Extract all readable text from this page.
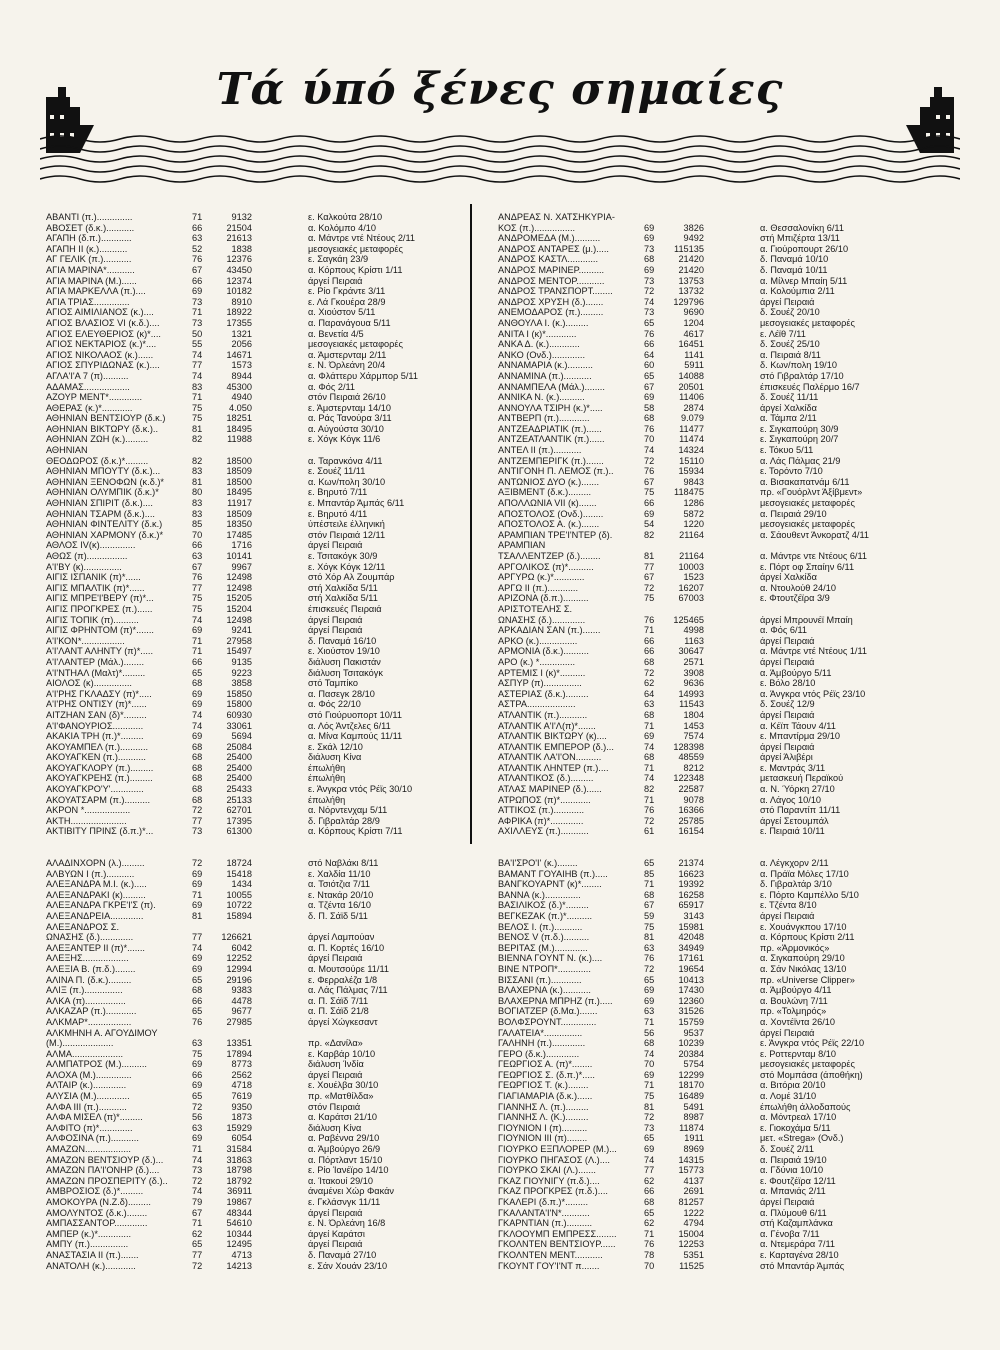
Τά ύπό ξένες σημαίες
ΑΒΑΝΤΙ (π.)..............	71	9132	ε. Καλκούτα 28/10
ΑΒΟΣΕΤ (δ.κ.)...........	66	21504	α. Κολόμπο 4/10
ΑΓΑΠΗ (δ.π.)............	63	21613	α. Μάντρε ντέ Ντέους 2/11
ΑΓΑΠΗ ΙΙ (κ.)...........	52	1838	μεσογειακές μεταφορές
ΑΓ ΓΕΛΙΚ (π.)...........	76	12376	ε. Σαγκάη 23/9
ΑΓΙΑ ΜΑΡΙΝΑ*...........	67	43450	α. Κόρπους Κρίστι 1/11
ΑΓΙΑ ΜΑΡΙΝΑ (Μ.)......	66	12374	άργεί Πειραιά
ΑΓΙΑ ΜΑΡΚΕΛΛΑ (π.)....	69	10182	ε. Ρίο Γκράντε 3/11
ΑΓΙΑ ΤΡΙΑΣ..............	73	8910	ε. Λά Γκουέρα 28/9
ΑΓΙΟΣ ΑΙΜΙΛΙΑΝΟΣ (κ.)....	71	18922	α. Χιούστον 5/11
ΑΓΙΟΣ ΒΛΑΣΙΟΣ VI (κ.δ.)....	73	17355	α. Παρανάγουα 5/11
ΑΓΙΟΣ ΕΛΕΥΘΕΡΙΟΣ (κ)*....	50	1321	α. Βενετία 4/5
ΑΓΙΟΣ ΝΕΚΤΑΡΙΟΣ (κ.)*....	55	2056	μεσογειακές μεταφορές
ΑΓΙΟΣ ΝΙΚΟΛΑΟΣ (κ.)......	74	14671	α. Άμστερνταμ 2/11
ΑΓΙΟΣ ΣΠΥΡΙΔΩΝΑΣ (κ.)....	77	1573	ε. Ν. Όρλεάνη 20/4
ΑΓΛΑ'Ι'Α 7 (π)..........	74	8944	α. Φλάττερυ Χάρμπορ 5/11
ΑΔΑΜΑΣ..................	83	45300	α. Φός 2/11
ΑΖΟΥΡ ΜΕΝΤ*.............	71	4940	στόν Πειραιά 26/10
ΑΘΕΡΑΣ (κ.)*............	75	4.050	ε. Άμστερνταμ 14/10
ΑΘΗΝΙΑΝ ΒΕΝΤΣΙΟΥΡ (δ.κ.)	75	18251	α. Ράς Τανούρα 3/11
ΑΘΗΝΙΑΝ ΒΙΚΤΩΡΥ (δ.κ.)..	81	18495	α. Αύγούστα 30/10
ΑΘΗΝΙΑΝ ΖΩΗ (κ.).........	82	11988	ε. Χόγκ Κόγκ 11/6
ΑΘΗΝΙΑΝ
ΘΕΟΔΩΡΟΣ (δ.κ.)*.........	82	18500	α. Ταρανκόνα 4/11
ΑΘΗΝΙΑΝ ΜΠΟΥΤΥ (δ.κ.)...	83	18509	ε. Σουέζ 11/11
ΑΘΗΝΙΑΝ ΞΕΝΟΦΩΝ (κ.δ.)*	81	18500	α. Κων/πολη 30/10
ΑΘΗΝΙΑΝ ΟΛΥΜΠΙΚ (δ.κ.)*	80	18495	ε. Βηρυτό 7/11
ΑΘΗΝΙΑΝ ΣΠΙΡΙΤ (δ.κ.)....	83	11917	ε. Μπαντάρ Άμπάς 6/11
ΑΘΗΝΙΑΝ ΤΣΑΡΜ (δ.κ.)....	83	18509	ε. Βηρυτό 4/11
ΑΘΗΝΙΑΝ ΦΙΝΤΕΛΙΤΥ (δ.κ.)	85	18350	ύπέστειλε έλληνική
ΑΘΗΝΙΑΝ ΧΑΡΜΟΝΥ (δ.κ.)*	70	17485	στόν Πειραιά 12/11
ΑΘΛΟΣ IV(κ)..............	66	1716	άργεί Πειραιά
ΑΘΩΣ (π)................	63	10141	ε. Τσιτακόγκ 30/9
Α'Ι'ΒΥ (κ)...............	67	9967	ε. Χόγκ Κόγκ 12/11
ΑΙΓΙΣ ΙΣΠΑΝΙΚ (π)*......	76	12498	στό Χόρ Αλ Ζουμπάρ
ΑΙΓΙΣ ΜΠΑΛΤΙΚ (π)*......	77	12498	στή Χαλκίδα 5/11
ΑΙΓΙΣ ΜΠΡΕ'Ι'ΒΕΡΥ (π)*...	75	15205	στή Χαλκίδα 5/11
ΑΙΓΙΣ ΠΡΟΓΚΡΕΣ (π.)......	75	15204	έπισκευές Πειραιά
ΑΙΓΙΣ ΤΟΠΙΚ (π)..........	74	12498	άργεί Πειραιά
ΑΙΓΙΣ ΦΡΗΝΤΟΜ (π)*.......	69	9241	άργεί Πειραιά
Α'Ι'ΚΟΝ*.................	71	27958	δ. Παναμά 16/10
Α'Ι'ΛΑΝΤ ΑΛΗΝΤΥ (π)*.....	71	15497	ε. Χιούστον 19/10
Α'Ι'ΛΑΝΤΕΡ (Μάλ.)........	66	9135	διάλυση Πακιστάν
Α'Ι'ΝΤΗΑΛ (Μαλτ)*.........	65	9223	διάλυση Τσιτακόγκ
ΑΙΟΛΟΣ (κ)...............	68	3858	στό Ταμπίκο
Α'Ι'ΡΗΣ ΓΚΛΑΔΣΥ (π)*.....	69	15850	α. Πασεγκ 28/10
Α'Ι'ΡΗΣ ΟΝΤΙΣΥ (π)*......	69	15800	α. Φός 22/10
ΑΙΤΖΗΑΝ ΣΑΝ (δ)*.........	74	60930	στό Γιούρυοπορτ 10/11
Α'Ι'ΦΑΝΟΥΡΙΟΣ............	74	33061	α. Λός Άντζελες 6/11
ΑΚΑΚΙΑ ΤΡΗ (π.)*.........	69	5694	α. Μίνα Καμπούς 11/11
ΑΚΟΥΑΜΠΕΛ (π.)...........	68	25084	ε. Σκάλ 12/10
ΑΚΟΥΑΓΚΕΝ (π.)...........	68	25400	διάλυση Κίνα
ΑΚΟΥΑΓΚΛΟΡΥ (π.).........	68	25400	έπωλήθη
ΑΚΟΥΑΓΚΡΕΗΣ (π.).........	68	25400	έπωλήθη
ΑΚΟΥΑΓΚΡΟ'Υ'.............	68	25433	ε. Άνγκρα ντός Ρέϊς 30/10
ΑΚΟΥΑΤΣΑΡΜ (π.)..........	68	25133	έπωλήθη
ΑΚΡΟΝ *..................	72	62701	α. Νόρντενχαμ 5/11
ΑΚΤΗ......................	77	17395	δ. Γιβραλτάρ 28/9
ΑΚΤΙΒΙΤΥ ΠΡΙΝΣ (δ.π.)*...	73	61300	α. Κόρπους Κρίστι 7/11
ΑΝΔΡΕΑΣ Ν. ΧΑΤΣΗΚΥΡΙΑ-
ΚΟΣ (π.)................	69	3826	α. Θεσσαλονίκη 6/11
ΑΝΔΡΟΜΕΔΑ (Μ.)..........	69	9492	στή Μπιζέρτα 13/11
ΑΝΔΡΟΣ ΑΝΤΑΡΕΣ (μ.).....	73	115135	α. Γιούροπουρτ 26/10
ΑΝΔΡΟΣ ΚΑΣΤΛ............	68	21420	δ. Παναμά 10/10
ΑΝΔΡΟΣ ΜΑΡΙΝΕΡ..........	69	21420	δ. Παναμά 10/11
ΑΝΔΡΟΣ ΜΕΝΤΟΡ...........	73	13753	α. Μίλνερ Μπαίη 5/11
ΑΝΔΡΟΣ ΤΡΑΝΣΠΟΡΤ........	72	13732	α. Κολούμπια 2/11
ΑΝΔΡΟΣ ΧΡΥΣΗ (δ.).......	74	129796	άργεί Πειραιά
ΑΝΕΜΟΔΑΡΟΣ (π.).........	73	9690	δ. Σουέζ 20/10
ΑΝΘΟΥΛΑ Ι. (κ.).........	65	1204	μεσογειακές μεταφορές
ΑΝΙΤΑ Ι (κ)*............	76	4617	ε. Λέϊθ 7/11
ΑΝΚΑ Δ. (κ.)............	66	16451	δ. Σουέζ 25/10
ΑΝΚΟ (Ονδ.).............	64	1141	α. Πειραιά 8/11
ΑΝΝΑΜΑΡΙΑ (κ.)..........	60	5911	δ. Κων/πολη 19/10
ΑΝΝΑΜΙΝΑ (π.)...........	65	14088	στό Γιβραλτάρ 17/10
ΑΝΝΑΜΠΕΛΑ (Μάλ.)........	67	20501	έπισκευές Παλέρμο 16/7
ΑΝΝΙΚΑ Ν. (κ.)..........	69	11406	δ. Σουέζ 11/11
ΑΝΝΟΥΛΑ ΤΣΙΡΗ (κ.)*.....	58	2874	άργεί Χαλκίδα
ΑΝΤΒΕΡΠ (π.)............	68	9.079	α. Τάμπα 2/11
ΑΝΤΖΕΑΔΡΙΑΤΙΚ (π.)......	76	11477	ε. Σιγκαπούρη 30/9
ΑΝΤΖΕΑΤΛΑΝΤΙΚ (π.)......	70	11474	ε. Σιγκαπούρη 20/7
ΑΝΤΕΛ ΙΙ (π.)...........	74	14324	ε. Τόκυο 5/11
ΑΝΤΖΕΜΠΕΡΙΓΚ (π.).......	72	15110	α. Λάς Πάλμας 21/9
ΑΝΤΙΓΟΝΗ Π. ΛΕΜΟΣ (π.)..	76	15934	ε. Τορόντο 7/10
ΑΝΤΩΝΙΟΣ ΔΥΟ (κ.).......	67	9843	α. Βισακαπατνάμ 6/11
ΑΞΙΒΜΕΝΤ (δ.κ.).........	75	118475	πρ. «Γουόρλντ Άξίβμεντ»
ΑΠΟΛΛΩΝΙΑ VII (κ).......	66	1286	μεσογειακές μεταφορές
ΑΠΟΣΤΟΛΟΣ (Ονδ.)........	69	5872	α. Πειραιά 29/10
ΑΠΟΣΤΟΛΟΣ Α. (κ.).......	54	1220	μεσογειακές μεταφορές
ΑΡΑΜΠΙΑΝ ΤΡΕ'Ι'ΝΤΕΡ (δ).	82	21164	α. Σάουθεντ Άνκορατζ 4/11
ΑΡΑΜΠΙΑΝ
ΤΣΑΛΛΕΝΤΖΕΡ (δ.)........	81	21164	α. Μάντρε ντε Ντέους 6/11
ΑΡΓΟΛΙΚΟΣ (π)*..........	77	10003	ε. Πόρτ οφ Σπαίην 6/11
ΑΡΓΥΡΩ (κ.)*............	67	1523	άργεί Χαλκίδα
ΑΡΓΩ ΙΙ (π.)............	72	16207	α. Ντουλούθ 24/10
ΑΡΙΖΟΝΑ (δ.π.)..........	75	67003	ε. Φτουτζέϊρα 3/9
ΑΡΙΣΤΟΤΕΛΗΣ Σ.
ΩΝΑΣΗΣ (δ.).............	76	125465	άργεί Μπρουνέϊ Μπαίη
ΑΡΚΑΔΙΑΝ ΣΑΝ (π.).......	71	4998	α. Φός 6/11
ΑΡΚΟ (κ.)...............	66	1163	άργεί Πειραιά
ΑΡΜΟΝΙΑ (δ.κ.)..........	66	30647	α. Μάντρε ντέ Ντέους 1/11
ΑΡΟ (κ.) *..............	68	2571	άργεί Πειραιά
ΑΡΤΕΜΙΣ Ι (κ)*..........	72	3908	α. Άμβούργο 5/11
ΑΣΠΥΡ (π)...............	62	9636	ε. Βόλο 28/10
ΑΣΤΕΡΙΑΣ (δ.κ.).........	64	14993	α. Άνγκρα ντός Ρέϊς 23/10
ΑΣΤΡΑ...................	63	11543	δ. Σουέζ 12/9
ΑΤΛΑΝΤΙΚ (π.)...........	68	1804	άργεί Πειραιά
ΑΤΛΑΝΤΙΚ Α'Ι'Λ(π)*.......	71	1453	α. Κέϊπ Τάουν 4/11
ΑΤΛΑΝΤΙΚ ΒΙΚΤΩΡΥ (κ)....	69	7574	ε. Μπαντίρμα 29/10
ΑΤΛΑΝΤΙΚ ΕΜΠΕΡΟΡ (δ.)...	74	128398	άργεί Πειραιά
ΑΤΛΑΝΤΙΚ ΛΑ'Ι'ΟΝ..........	68	48559	άργεί Άλιβέρι
ΑΤΛΑΝΤΙΚ ΛΗΝΤΕΡ (π.)....	71	8212	ε. Μαντράς 3/11
ΑΤΛΑΝΤΙΚΟΣ (δ.).........	74	122348	μετασκευή Περαϊκού
ΑΤΛΑΣ ΜΑΡΙΝΕΡ (δ.)......	82	22587	α. Ν. Ύόρκη 27/10
ΑΤΡΩΠΟΣ (π)*............	71	9078	α. Λάγος 10/10
ΑΤΤΙΚΟΣ (π.)............	76	16366	στό Παραντίπ 11/11
ΑΦΡΙΚΑ (π)*.............	72	25785	άργεί Σετουμπάλ
ΑΧΙΛΛΕΥΣ (π.)...........	61	16154	ε. Πειραιά 10/11
ΑΛΑΔΙΝΧΟΡΝ (λ.).........	72	18724	στό Ναβλάκι 8/11
ΑΛΒΥΩΝ Ι (π.)...........	69	15418	ε. Χαλδία 11/10
ΑΛΕΞΑΝΔΡΑ Μ.Ι. (κ.).....	69	1434	α. Τσιότζια 7/11
ΑΛΕΞΑΝΔΡΑΚΙ (κ).........	71	10055	ε. Ντακάρ 20/10
ΑΛΕΞΑΝΔΡΑ ΓΚΡΕ'Ι'Σ (π).	69	10722	α. Τζέντα 16/10
ΑΛΕΞΑΝΔΡΕΙΑ.............	81	15894	δ. Π. Σάϊδ 5/11
ΑΛΕΞΑΝΔΡΟΣ Σ.
ΩΝΑΣΗΣ (δ.).............	77	126621	άργεί Λαμπούαν
ΑΛΕΞΑΝΤΕΡ ΙΙ (π)*.......	74	6042	α. Π. Κορτές 16/10
ΑΛΕΞΗΣ..................	69	12252	άργεί Πειραιά
ΑΛΕΞΙΑ Β. (π.δ.)........	69	12994	α. Μουτσούρε 11/11
ΑΛΙΝΑ Π. (δ.κ.).........	65	29196	ε. Φερραλέζα 1/8
ΑΛΙΞ (π.)...............	68	9383	α. Λάς Πάλμας 7/11
ΑΛΚΑ (π)................	66	4478	α. Π. Σάϊδ 7/11
ΑΛΚΑΖΑΡ (π.)............	65	9677	α. Π. Σάϊδ 21/8
ΑΛΚΜΑΡ*.................	76	27985	άργεί Χώγκεσαντ
ΑΛΚΜΗΝΗ Α. ΑΓΟΥΔΙΜΟΥ
(Μ.)....................	63	13351	πρ. «Δανίλα»
ΑΛΜΑ....................	75	17894	ε. Καρβάρ 10/10
ΑΛΜΠΑΤΡΟΣ (Μ.)..........	69	8773	διάλυση Ίνδία
ΑΛΟΧΑ (Μ.)..............	66	2562	άργεί Πειραιά
ΑΛΤΑΙΡ (κ.).............	69	4718	ε. Χουέλβα 30/10
ΑΛΥΣΙΑ (Μ.).............	65	7619	πρ. «Ματθίλδα»
ΑΛΦΑ ΙΙΙ (π.)...........	72	9350	στόν Πειραιά
ΑΛΦΑ ΜΙΣΕΛ (π)*.........	56	1873	α. Καράτσι 21/10
ΑΛΦΙΤΟ (π)*.............	63	15929	διάλυση Κίνα
ΑΛΦΟΣΙΝΑ (π.)...........	69	6054	α. Ραβέννα 29/10
ΑΜΑΖΩΝ..................	71	31584	α. Άμβούργο 26/9
ΑΜΑΖΩΝ ΒΕΝΤΣΙΟΥΡ (δ.)...	74	31863	α. Πόρτλαντ 15/10
ΑΜΑΖΩΝ ΠΑ'Ι'ΟΝΗΡ (δ.)....	73	18798	ε. Ρίο Ίανέϊρο 14/10
ΑΜΑΖΩΝ ΠΡΟΣΠΕΡΙΤΥ (δ.)..	72	18792	α. Ίτακουί 29/10
ΑΜΒΡΟΣΙΟΣ (δ.)*.........	74	36911	άναμένει Χώρ Φακάν
ΑΜΟΚΟΥΡΑ (Ν.Ζ.δ).........	79	19867	ε. Γκλάσνγκ 11/11
ΑΜΟΛΥΝΤΟΣ (δ.κ.)........	67	48344	άργεί Πειραιά
ΑΜΠΑΣΣΑΝΤΟΡ.............	71	54610	ε. Ν. Όρλεάνη 16/8
ΑΜΠΕΡ (κ.)*.............	62	10344	άργεί Καράτσι
ΑΜΠΥ (π.)...............	65	12495	άργεί Πειραιά
ΑΝΑΣΤΑΣΙΑ ΙΙ (π.).......	77	4713	δ. Παναμά 27/10
ΑΝΑΤΟΛΗ (κ.)............	72	14213	ε. Σάν Χουάν 23/10
ΒΑ'Ι'ΣΡΟ'Ι' (κ.)........	65	21374	α. Λέγκχορν 2/11
ΒΑΜΑΝΤ ΓΟΥΑΙΗΒ (π.).....	85	16623	α. Πράϊα Μόλες 17/10
ΒΑΝΓΚΟΥΑΡΝΤ (κ)*........	71	19392	δ. Γιβραλτάρ 3/10
ΒΑΝΝΑ (κ.)..............	68	16258	ε. Πόρτο Καμπέλλο 5/10
ΒΑΣΙΛΙΚΟΣ (δ.)*.........	67	65917	ε. Τζέντα 8/10
ΒΕΓΚΕΖΑΚ (π.)*..........	59	3143	άργεί Πειραιά
ΒΕΛΟΣ Ι. (π.)...........	75	15981	ε. Χουάνγκπου 17/10
ΒΕΝΟΣ V (π.δ.)..........	81	42048	α. Κόρπους Κρίστι 2/11
ΒΕΡΙΤΑΣ (Μ.).............	63	34949	πρ. «Άρμονικός»
ΒΙΕΝΝΑ ΓΟΥΝΤ Ν. (κ.)....	76	17161	α. Σιγκαπούρη 29/10
ΒΙΝΕ ΝΤΡΟΠ*.............	72	19654	α. Σάν Νικόλας 13/10
ΒΙΣΣΑΝΙ (π.)............	65	10413	πρ. «Universe Clipper»
ΒΛΑΧΕΡΝΑ (κ.)...........	69	17430	α. Άμβούργο 4/11
ΒΛΑΧΕΡΝΑ ΜΠΡΗΖ (π.).....	69	12360	α. Βουλώνη 7/11
ΒΟΓΙΑΤΖΕΡ (δ.Μα.).......	63	31526	πρ. «Τολμηρός»
ΒΟΛΦΣΡΟΥΝΤ..............	71	15759	α. Χοντέϊντα 26/10
ΓΑΛΑΤΕΙΑ*...............	56	9537	άργεί Πειραιά
ΓΑΛΗΝΗ (π.).............	68	10239	ε. Άνγκρα ντός Ρέϊς 22/10
ΓΕΡΟ (δ.κ.).............	74	20384	ε. Ροττερνταμ 8/10
ΓΕΩΡΓΙΟΣ Α. (π)*........	70	5754	μεσογειακές μεταφορές
ΓΕΩΡΓΙΟΣ Σ. (δ.π.)*.....	69	12299	στό Μομπάσα (άποθήκη)
ΓΕΩΡΓΙΟΣ Τ. (κ.)........	71	18170	α. Βιτόρια 20/10
ΓΙΑΓΙΑΜΑΡΙΑ (δ.κ.)......	75	16489	α. Λομέ 31/10
ΓΙΑΝΝΗΣ Λ. (π.).........	81	5491	έπωλήθη άλλοδαπούς
ΓΙΑΝΝΗΣ Λ. (Κ.).........	72	8987	α. Μόντρεαλ 17/10
ΓΙΟΥΝΙΟΝ Ι (π)..........	73	11874	ε. Γιοκοχάμα 5/11
ΓΙΟΥΝΙΟΝ ΙΙΙ (π)........	65	1911	μετ. «Strega» (Ονδ.)
ΓΙΟΥΡΚΟ ΕΞΠΛΟΡΕΡ (Μ.)...	69	8969	δ. Σουέζ 2/11
ΓΙΟΥΡΚΟ ΠΗΓΑΣΟΣ (Λ.)....	74	14315	α. Πειραιά 19/10
ΓΙΟΥΡΚΟ ΣΚΑΙ (Λ.).......	77	15773	α. Γδύνια 10/10
ΓΚΑΖ ΓΙΟΥΝΙΓΥ (π.δ.)....	62	4137	ε. Φουτζέϊρα 12/11
ΓΚΑΖ ΠΡΟΓΚΡΕΣ (π.δ.)....	66	2691	α. Μπανιάς 2/11
ΓΚΑΛΕΡΙ (δ.π.)*.........	68	81257	άργεί Πειραιά
ΓΚΑΛΑΝΤΑ'Ι'Ν*...........	65	1222	α. Πλύμουθ 6/11
ΓΚΑΡΝΤΙΑΝ (π.)..........	62	4794	στή Καζαμπλάνκα
ΓΚΛΟΟΥΜΠ ΕΜΠΡΕΣΣ........	71	15004	α. Γένοβα 7/11
ΓΚΟΛΝΤΕΝ ΒΕΝΤΣΙΟΥΡ......	76	12253	α. Ντεμεράρα 7/11
ΓΚΟΛΝΤΕΝ ΜΕΝΤ...........	78	5351	ε. Καρταγένα 28/10
ΓΚΟΥΝΤ ΓΟΥ'Ι'ΝΤ π.......	70	11525	στό Μπαντάρ Άμπάς
